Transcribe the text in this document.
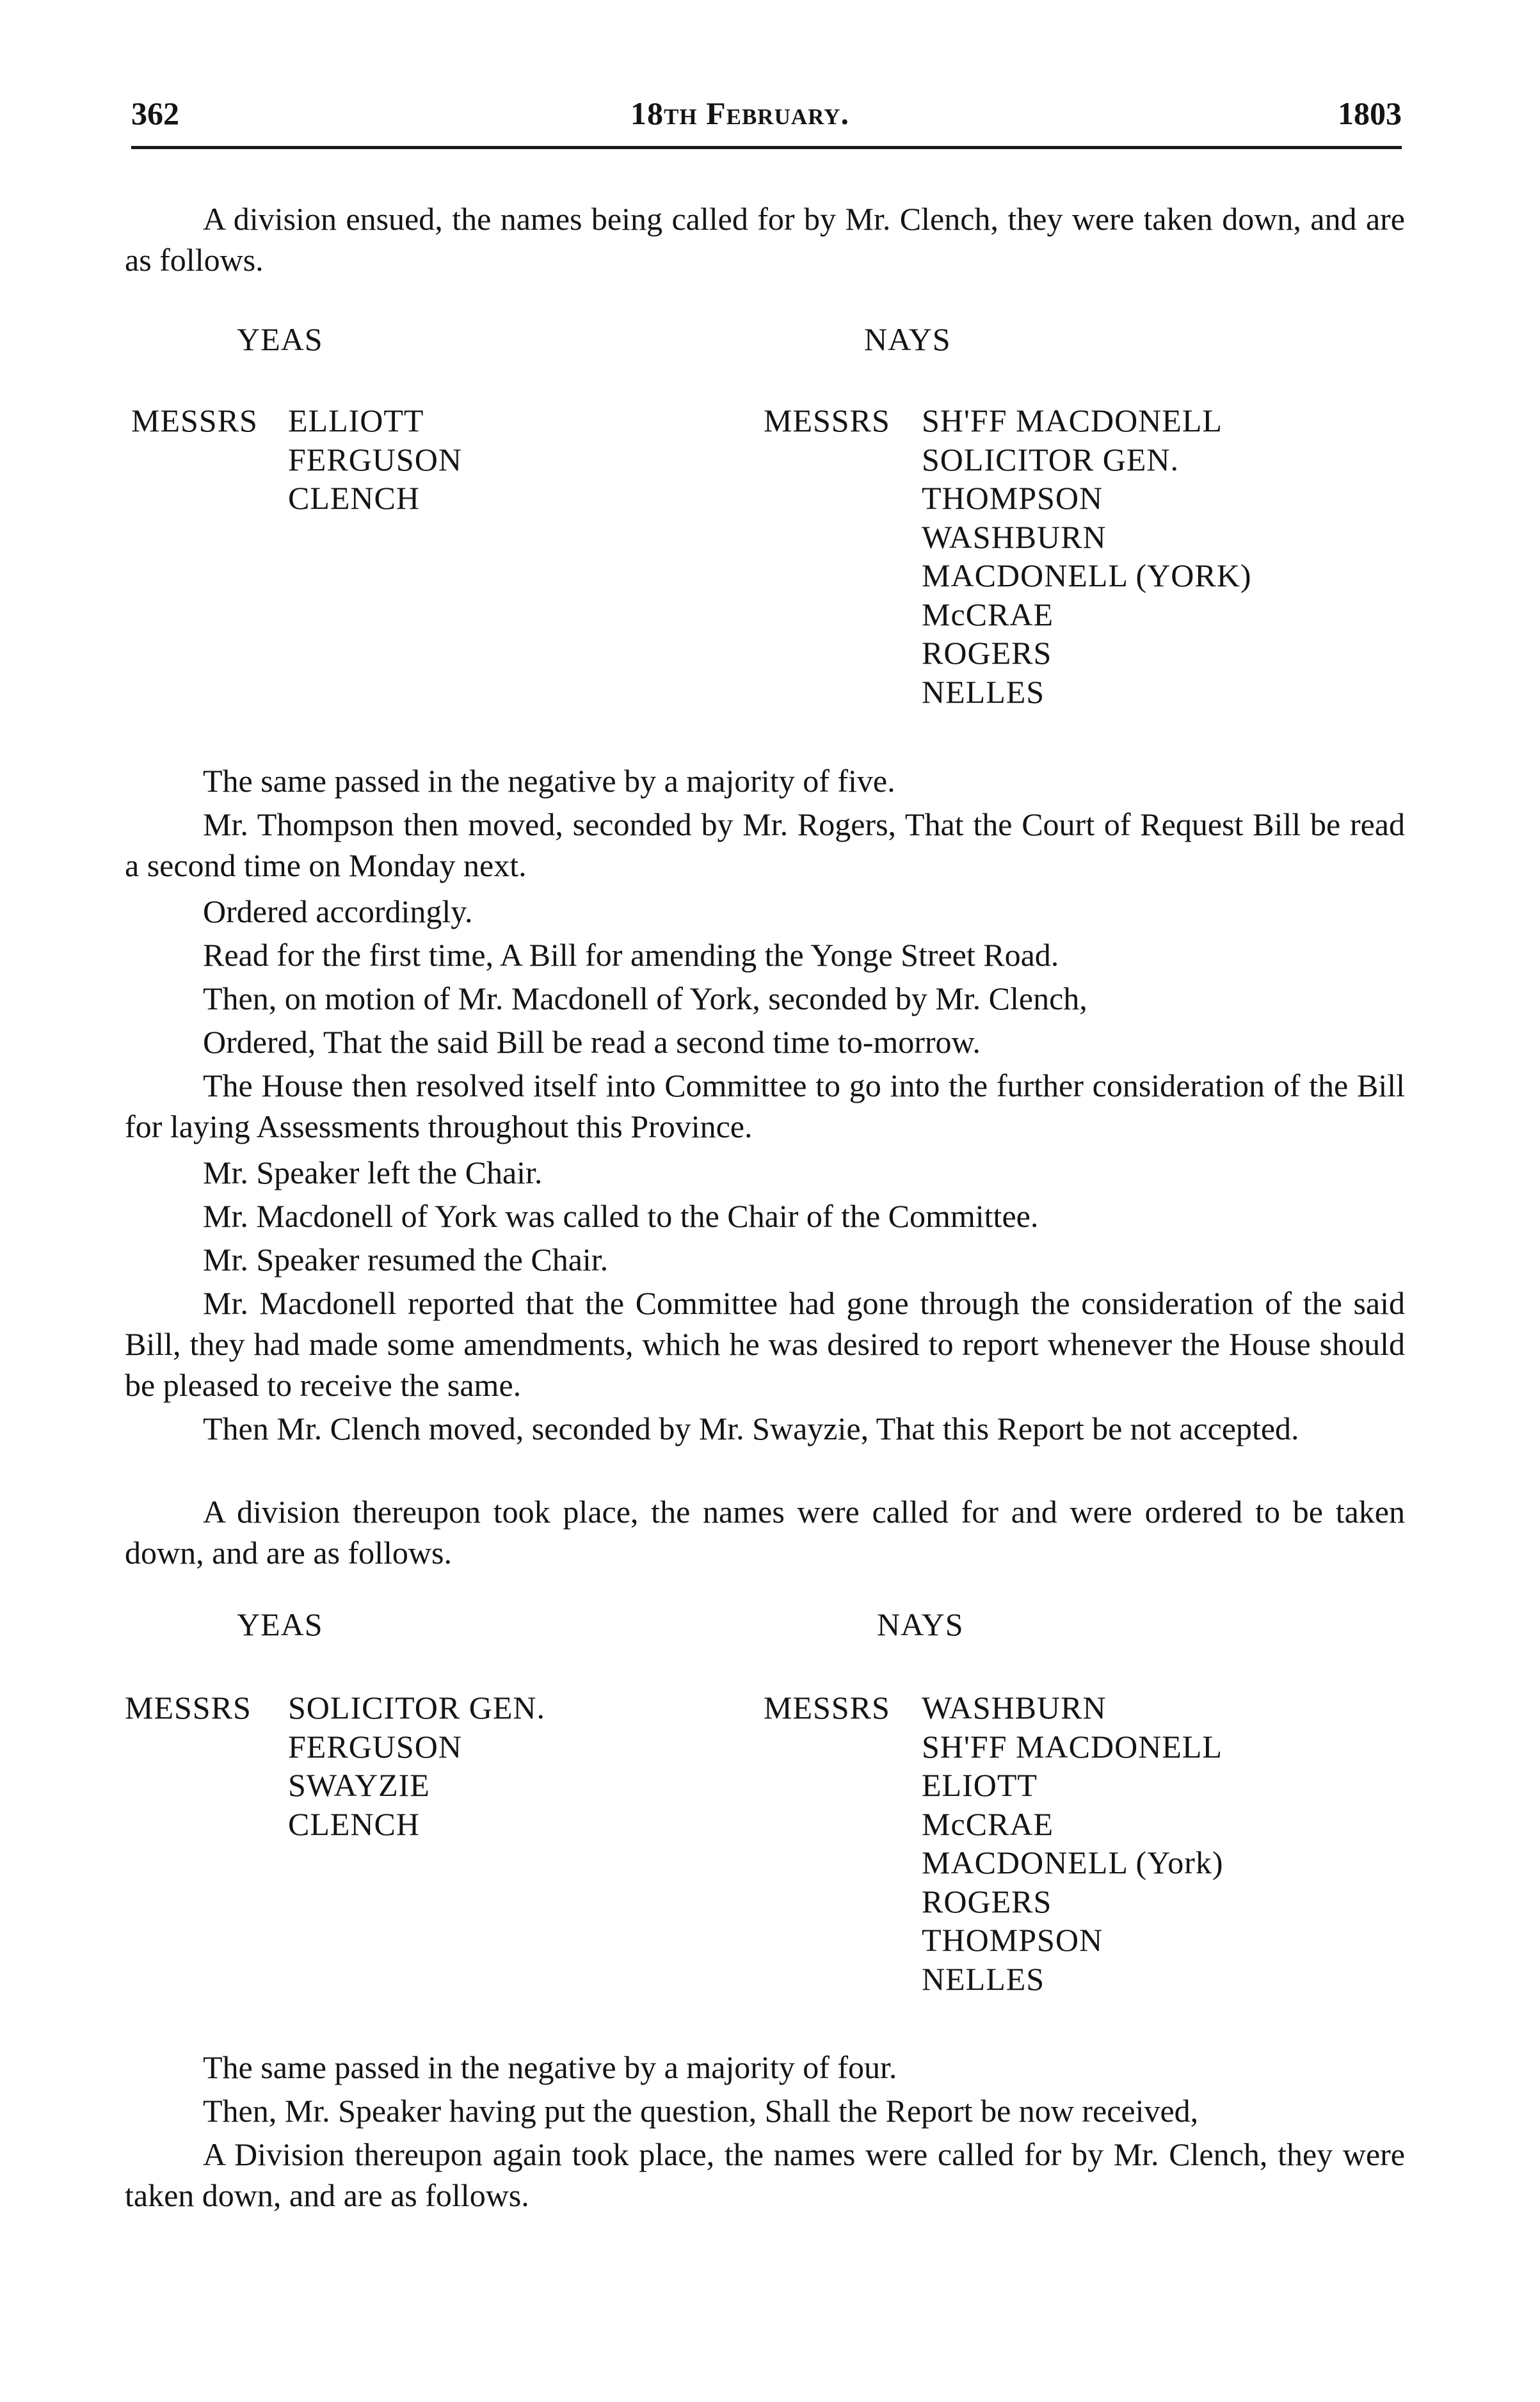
362	18th February.	1803

A division ensued, the names being called for by Mr. Clench, they were taken down, and are as follows.

YEAS	NAYS
MESSRS ELLIOTT
FERGUSON
CLENCH
MESSRS SH'FF MACDONELL
SOLICITOR GEN.
THOMPSON
WASHBURN
MACDONELL (YORK)
McCRAE
ROGERS
NELLES

The same passed in the negative by a majority of five.

Mr. Thompson then moved, seconded by Mr. Rogers, That the Court of Request Bill be read a second time on Monday next.

Ordered accordingly.

Read for the first time, A Bill for amending the Yonge Street Road.

Then, on motion of Mr. Macdonell of York, seconded by Mr. Clench,

Ordered, That the said Bill be read a second time to-morrow.

The House then resolved itself into Committee to go into the further consideration of the Bill for laying Assessments throughout this Province.

Mr. Speaker left the Chair.

Mr. Macdonell of York was called to the Chair of the Committee.

Mr. Speaker resumed the Chair.

Mr. Macdonell reported that the Committee had gone through the consideration of the said Bill, they had made some amendments, which he was desired to report whenever the House should be pleased to receive the same.

Then Mr. Clench moved, seconded by Mr. Swayzie, That this Report be not accepted.

A division thereupon took place, the names were called for and were ordered to be taken down, and are as follows.

YEAS	NAYS
MESSRS SOLICITOR GEN.
FERGUSON
SWAYZIE
CLENCH
MESSRS WASHBURN
SH'FF MACDONELL
ELIOTT
McCRAE
MACDONELL (York)
ROGERS
THOMPSON
NELLES

The same passed in the negative by a majority of four.

Then, Mr. Speaker having put the question, Shall the Report be now received,

A Division thereupon again took place, the names were called for by Mr. Clench, they were taken down, and are as follows.
